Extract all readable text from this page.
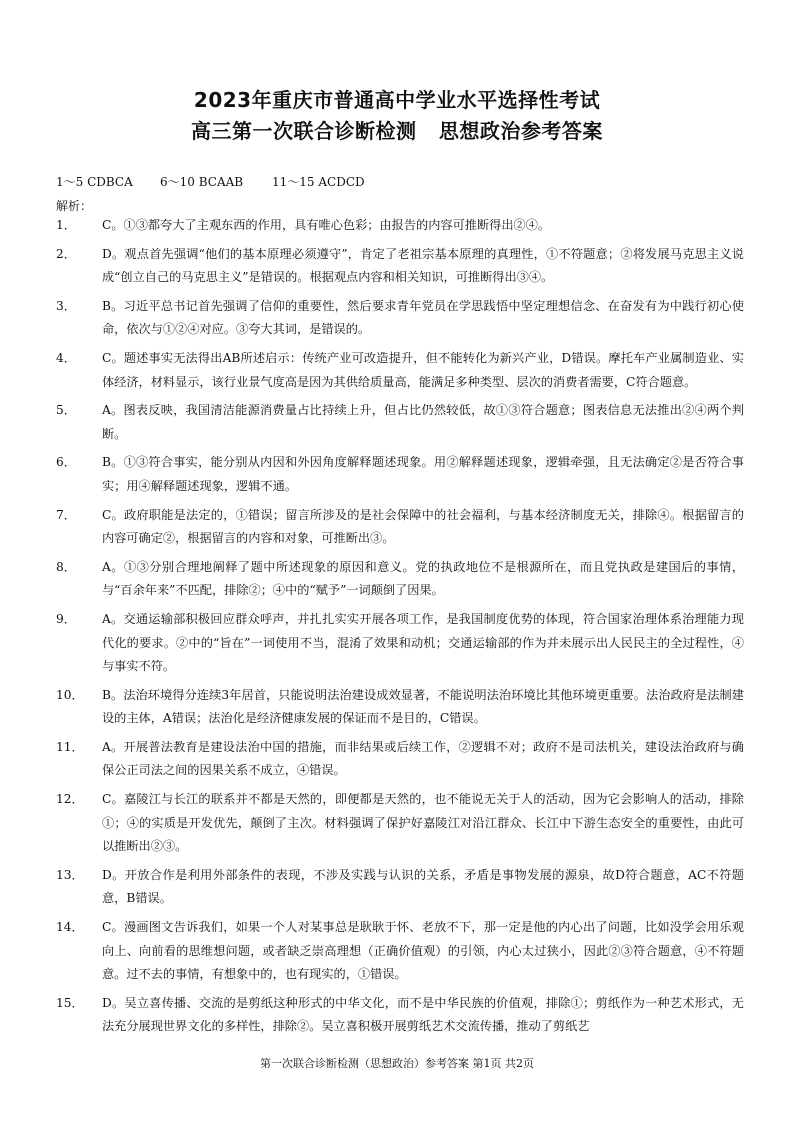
2023年重庆市普通高中学业水平选择性考试
高三第一次联合诊断检测   思想政治参考答案
1～5 CDBCA 6～10 BCAAB 11～15 ACDCD
解析：
1．	C。①③都夸大了主观东西的作用，具有唯心色彩；由报告的内容可推断得出②④。
2．	D。观点首先强调“他们的基本原理必须遵守”，肯定了老祖宗基本原理的真理性，①不符题意；②将发展马克思主义说成“创立自己的马克思主义”是错误的。根据观点内容和相关知识，可推断得出③④。
3．	B。习近平总书记首先强调了信仰的重要性，然后要求青年党员在学思践悟中坚定理想信念、在奋发有为中践行初心使命，依次与①②④对应。③夸大其词，是错误的。
4．	C。题述事实无法得出AB所述启示：传统产业可改造提升，但不能转化为新兴产业，D错误。摩托车产业属制造业、实体经济，材料显示，该行业景气度高是因为其供给质量高，能满足多种类型、层次的消费者需要，C符合题意。
5．	A。图表反映，我国清洁能源消费量占比持续上升，但占比仍然较低，故①③符合题意；图表信息无法推出②④两个判断。
6．	B。①③符合事实，能分别从内因和外因角度解释题述现象。用②解释题述现象，逻辑牵强，且无法确定②是否符合事实；用④解释题述现象，逻辑不通。
7．	C。政府职能是法定的，①错误；留言所涉及的是社会保障中的社会福利，与基本经济制度无关，排除④。根据留言的内容可确定②，根据留言的内容和对象，可推断出③。
8．	A。①③分别合理地阐释了题中所述现象的原因和意义。党的执政地位不是根源所在，而且党执政是建国后的事情，与“百余年来”不匹配，排除②；④中的“赋予”一词颠倒了因果。
9．	A。交通运输部积极回应群众呼声，并扎扎实实开展各项工作，是我国制度优势的体现，符合国家治理体系治理能力现代化的要求。②中的“旨在”一词使用不当，混淆了效果和动机；交通运输部的作为并未展示出人民民主的全过程性，④与事实不符。
10．	B。法治环境得分连续3年居首，只能说明法治建设成效显著，不能说明法治环境比其他环境更重要。法治政府是法制建设的主体，A错误；法治化是经济健康发展的保证而不是目的，C错误。
11．	A。开展普法教育是建设法治中国的措施，而非结果或后续工作，②逻辑不对；政府不是司法机关，建设法治政府与确保公正司法之间的因果关系不成立，④错误。
12．	C。嘉陵江与长江的联系并不都是天然的，即便都是天然的，也不能说无关于人的活动，因为它会影响人的活动，排除①；④的实质是开发优先，颠倒了主次。材料强调了保护好嘉陵江对沿江群众、长江中下游生态安全的重要性，由此可以推断出②③。
13．	D。开放合作是利用外部条件的表现，不涉及实践与认识的关系，矛盾是事物发展的源泉，故D符合题意，AC不符题意，B错误。
14．	C。漫画图文告诉我们，如果一个人对某事总是耿耿于怀、老放不下，那一定是他的内心出了问题，比如没学会用乐观向上、向前看的思维想问题，或者缺乏崇高理想（正确价值观）的引领，内心太过狭小，因此②③符合题意，④不符题意。过不去的事情，有想象中的，也有现实的，①错误。
15．	D。吴立喜传播、交流的是剪纸这种形式的中华文化，而不是中华民族的价值观，排除①；剪纸作为一种艺术形式，无法充分展现世界文化的多样性，排除②。吴立喜积极开展剪纸艺术交流传播，推动了剪纸艺
第一次联合诊断检测（思想政治）参考答案 第1页 共2页
